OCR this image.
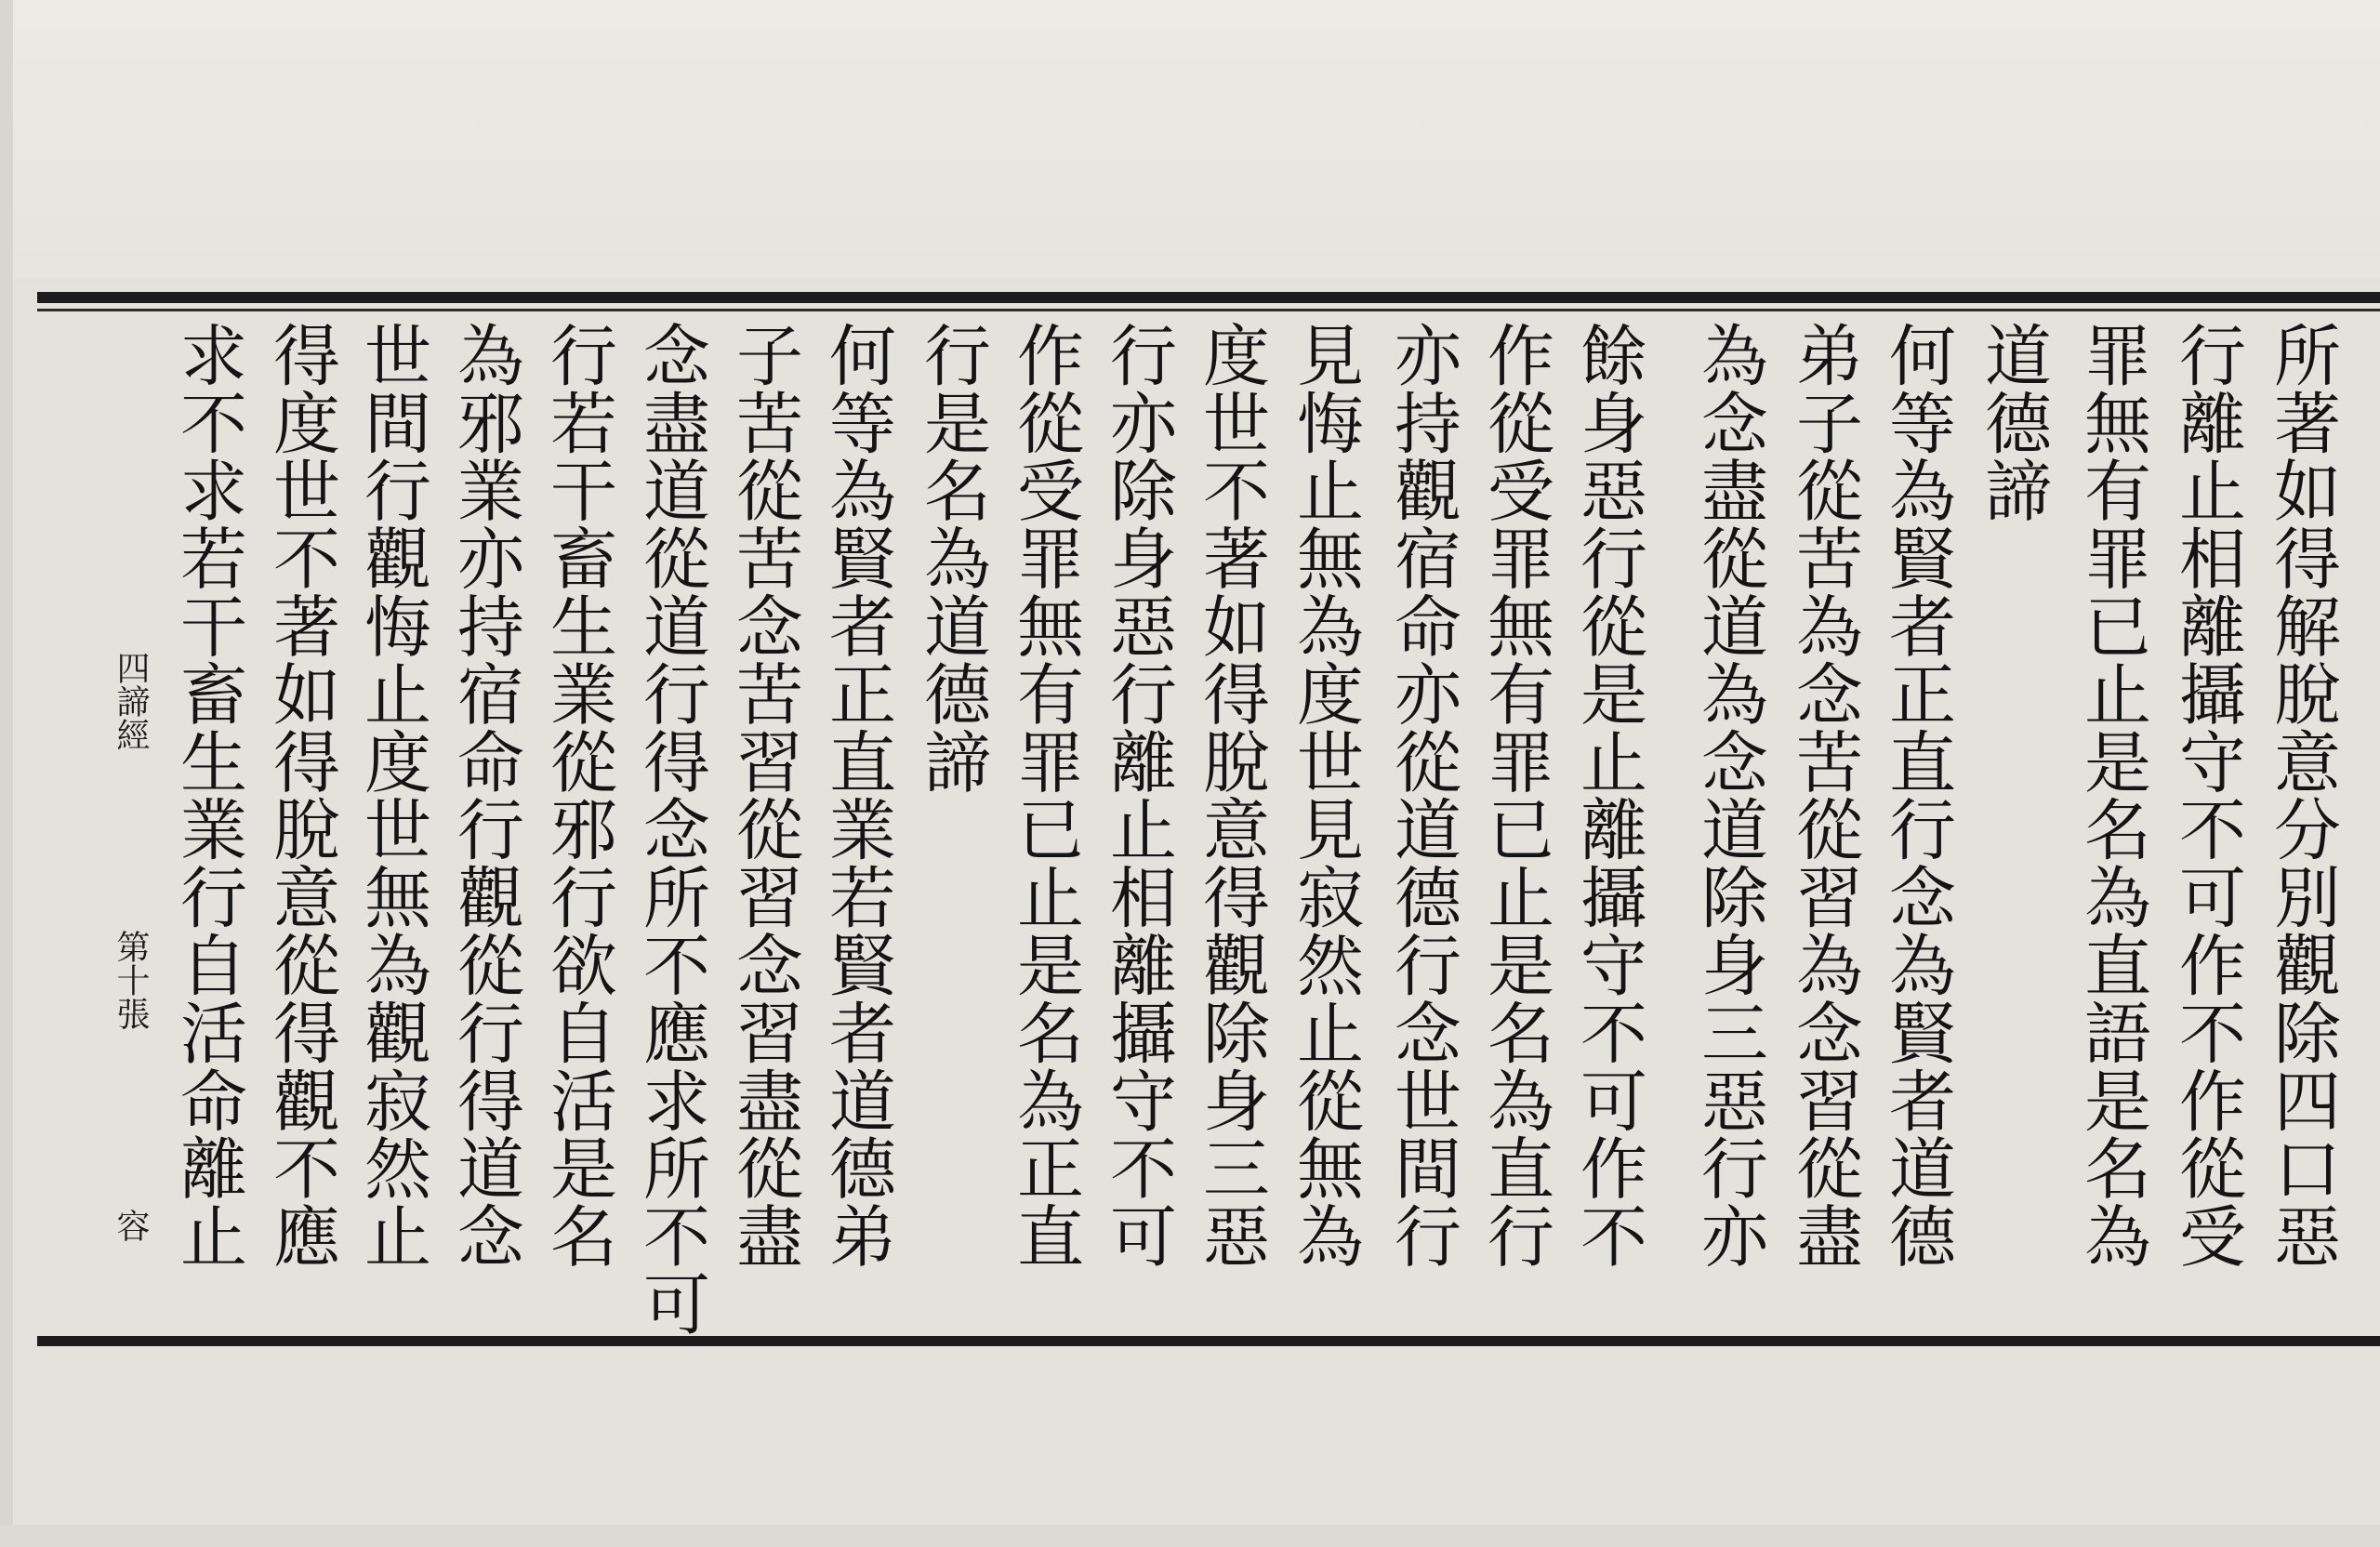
所著如得解脫意分別觀除四口惡
行離止相離攝守不可作不作從受
罪無有罪已止是名為直語是名為
道德諦
何等為賢者正直行念為賢者道德
弟子從苦為念苦從習為念習從盡
為念盡從道為念道除身三惡行亦
餘身惡行從是止離攝守不可作不
作從受罪無有罪已止是名為直行
亦持觀宿命亦從道德行念世間行
見悔止無為度世見寂然止從無為
度世不著如得脫意得觀除身三惡
行亦除身惡行離止相離攝守不可
作從受罪無有罪已止是名為正直
行是名為道德諦
何等為賢者正直業若賢者道德弟
子苦從苦念苦習從習念習盡從盡
念盡道從道行得念所不應求所不可
行若干畜生業從邪行欲自活是名
為邪業亦持宿命行觀從行得道念
世間行觀悔止度世無為觀寂然止
得度世不著如得脫意從得觀不應
求不求若干畜生業行自活命離止
四諦經
第十張
容
